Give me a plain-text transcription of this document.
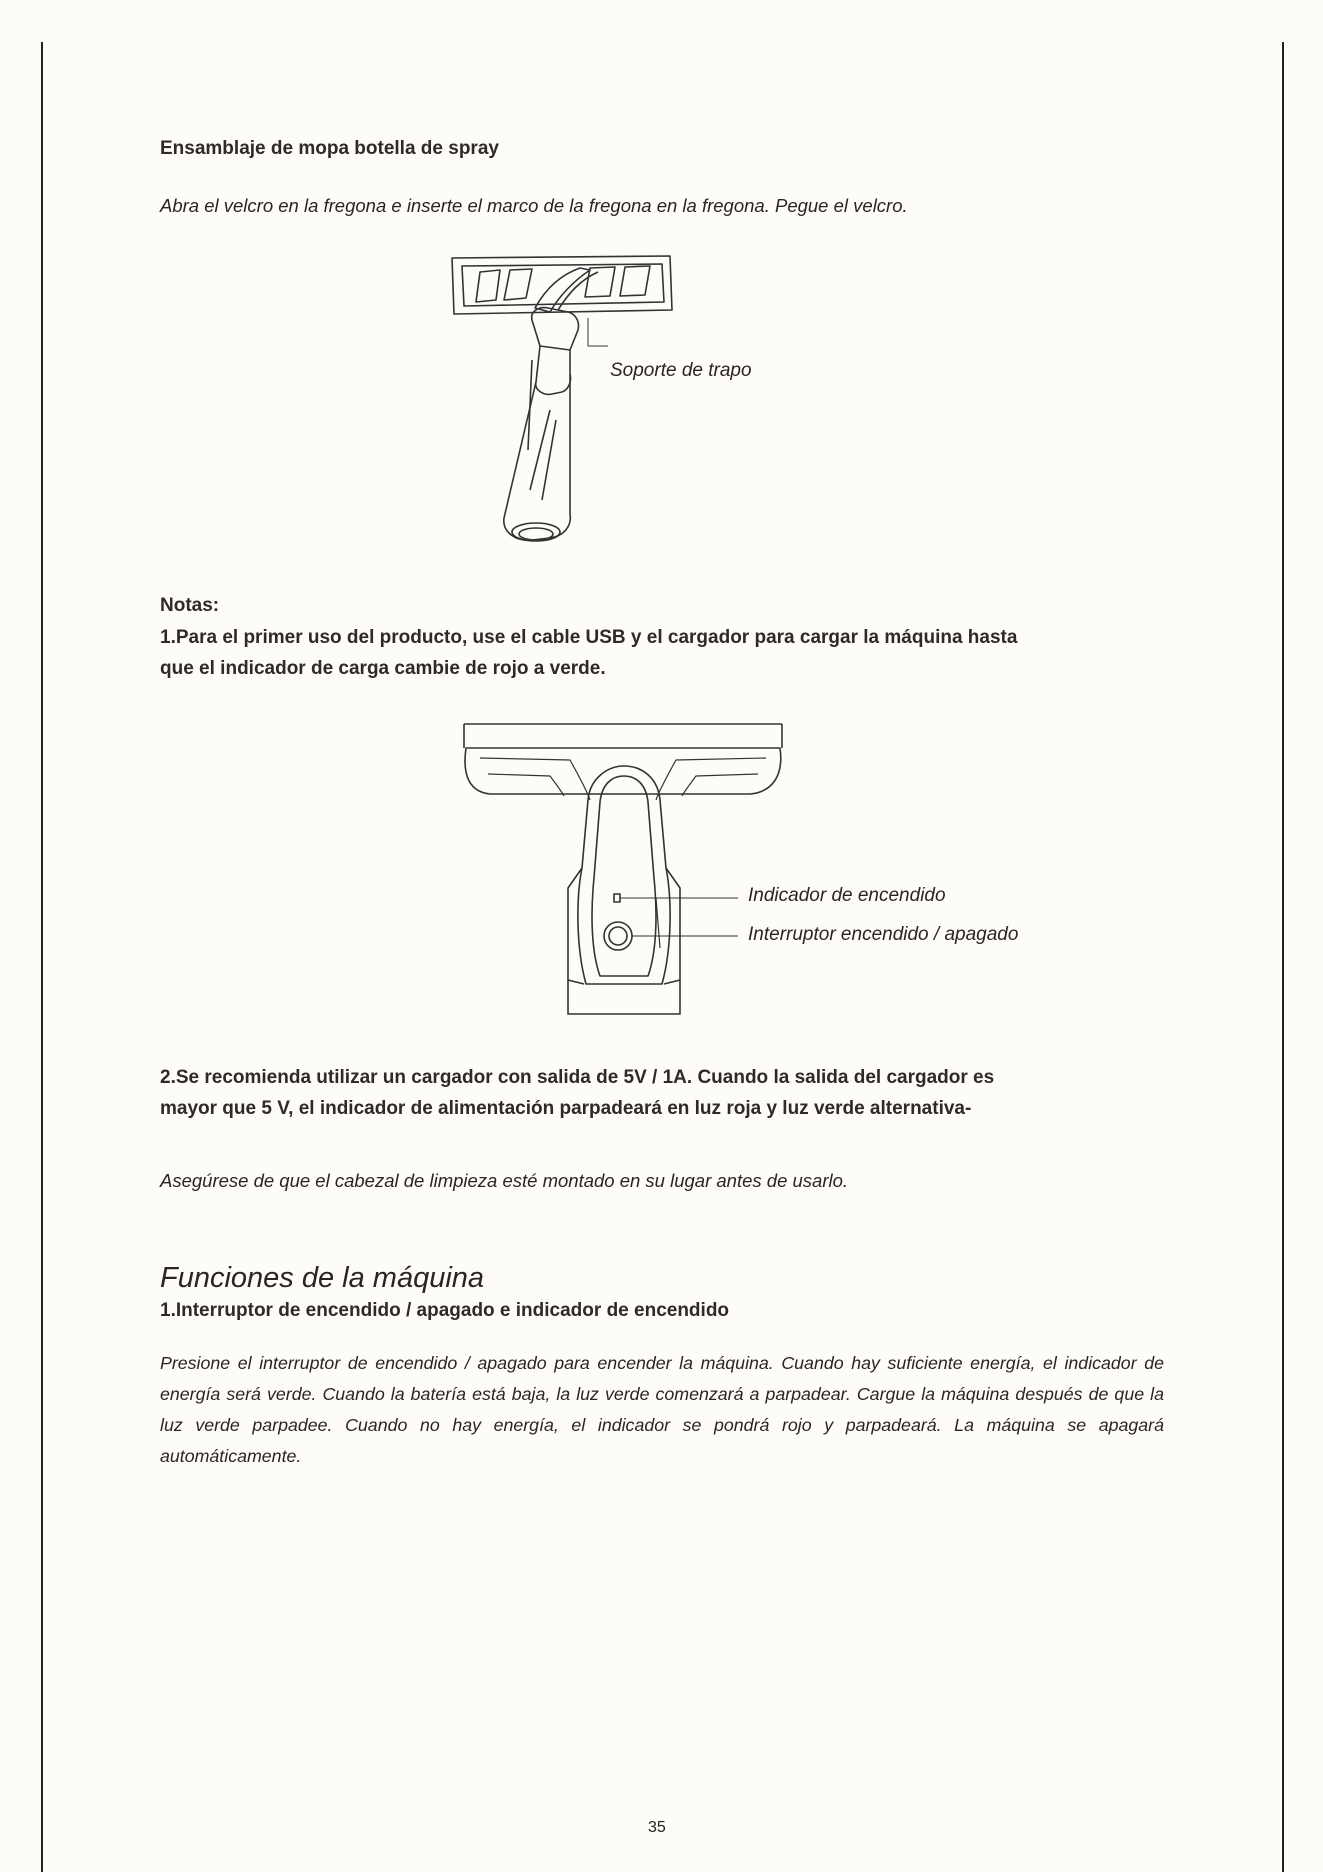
Ensamblaje de mopa botella de spray

Abra el velcro en la fregona e inserte el marco de la fregona en la fregona. Pegue el velcro.

Soporte de trapo
Notas:

1.Para el primer uso del producto, use el cable USB y el cargador para cargar la máquina hasta

que el indicador de carga cambie de rojo a verde.

Indicador de encendido
Interruptor encendido / apagado

2.Se recomienda utilizar un cargador con salida de 5V / 1A. Cuando la salida del cargador es

mayor que 5 V, el indicador de alimentación parpadeará en luz roja y luz verde alternativa-

Asegúrese de que el cabezal de limpieza esté montado en su lugar antes de usarlo.

Funciones de la máquina
1.Interruptor de encendido / apagado e indicador de encendido

Presione el interruptor de encendido / apagado para encender la máquina. Cuando hay suficiente energía, el indicador de energía será verde. Cuando la batería está baja, la luz verde comenzará a parpadear. Cargue la máquina después de que la luz verde parpadee. Cuando no hay energía, el indicador se pondrá rojo y parpadeará. La máquina se apagará automáticamente.

35
